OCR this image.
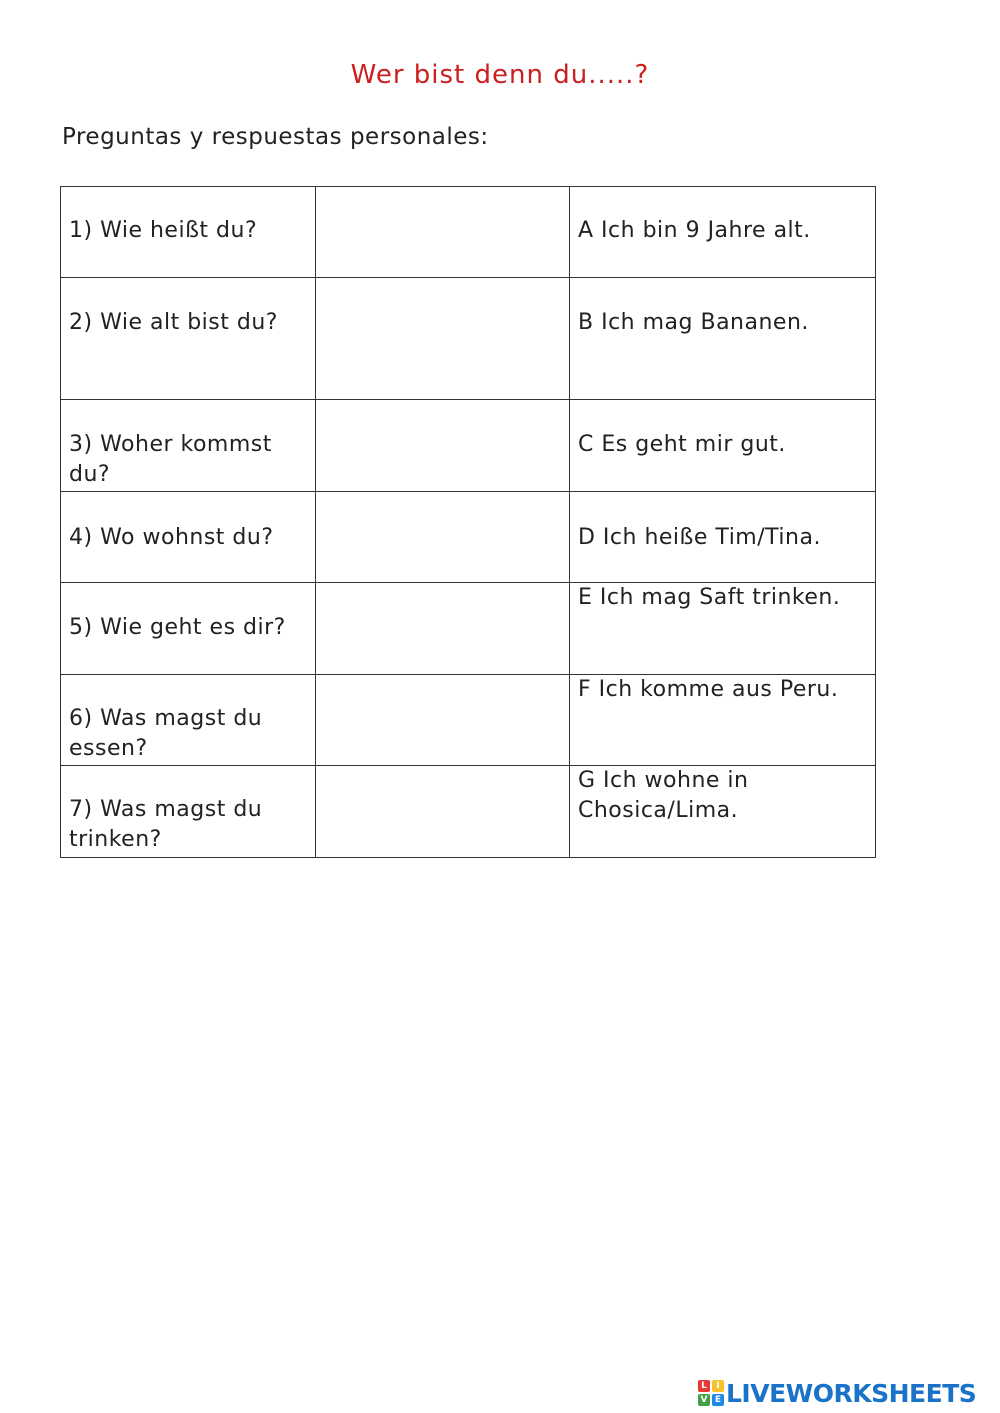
Wer bist denn du.....?
Preguntas y respuestas personales:
1) Wie heißt du?		A Ich bin 9 Jahre alt.
2) Wie alt bist du?		B Ich mag Bananen.
3) Woher kommst du?		C Es geht mir gut.
4) Wo wohnst du?		D Ich heiße Tim/Tina.
5) Wie geht es dir?		E Ich mag Saft trinken.
6) Was magst du essen?		F Ich komme aus Peru.
7) Was magst du trinken?		G Ich wohne in Chosica/Lima.
L	I
V E LIVEWORKSHEETS
